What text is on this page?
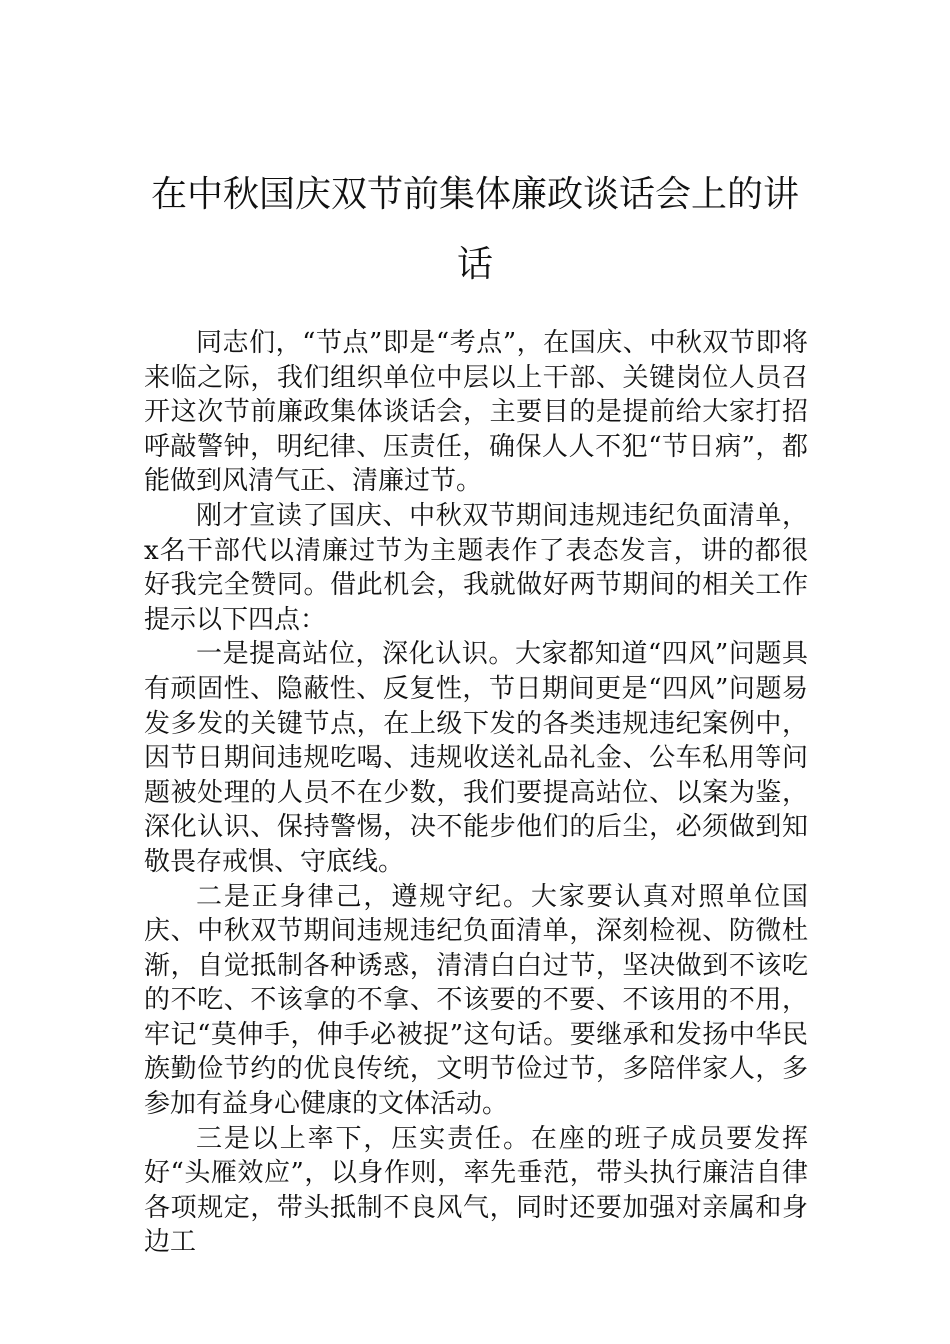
在中秋国庆双节前集体廉政谈话会上的讲话

同志们，“节点”即是“考点”，在国庆、中秋双节即将来临之际，我们组织单位中层以上干部、关键岗位人员召开这次节前廉政集体谈话会，主要目的是提前给大家打招呼敲警钟，明纪律、压责任，确保人人不犯“节日病”，都能做到风清气正、清廉过节。

刚才宣读了国庆、中秋双节期间违规违纪负面清单，x名干部代以清廉过节为主题表作了表态发言，讲的都很好我完全赞同。借此机会，我就做好两节期间的相关工作提示以下四点：

一是提高站位，深化认识。大家都知道“四风”问题具有顽固性、隐蔽性、反复性，节日期间更是“四风”问题易发多发的关键节点，在上级下发的各类违规违纪案例中，因节日期间违规吃喝、违规收送礼品礼金、公车私用等问题被处理的人员不在少数，我们要提高站位、以案为鉴，深化认识、保持警惕，决不能步他们的后尘，必须做到知敬畏存戒惧、守底线。

二是正身律己，遵规守纪。大家要认真对照单位国庆、中秋双节期间违规违纪负面清单，深刻检视、防微杜渐，自觉抵制各种诱惑，清清白白过节，坚决做到不该吃的不吃、不该拿的不拿、不该要的不要、不该用的不用，牢记“莫伸手，伸手必被捉”这句话。要继承和发扬中华民族勤俭节约的优良传统，文明节俭过节，多陪伴家人，多参加有益身心健康的文体活动。

三是以上率下，压实责任。在座的班子成员要发挥好“头雁效应”，以身作则，率先垂范，带头执行廉洁自律各项规定，带头抵制不良风气，同时还要加强对亲属和身边工
